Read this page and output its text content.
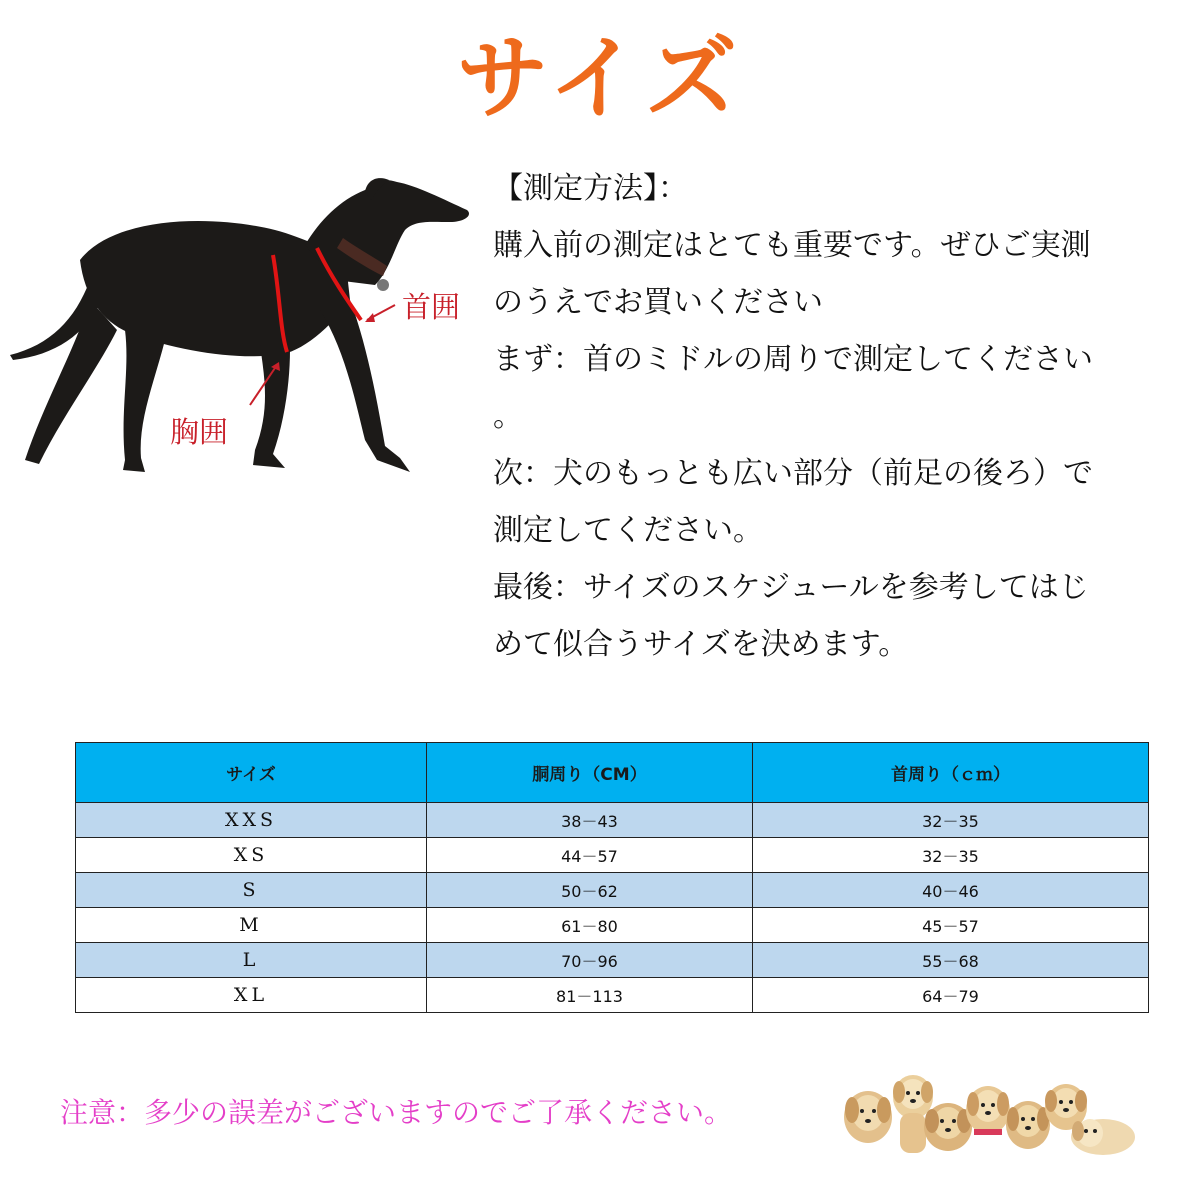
サイズ
首囲
胸囲

【測定方法】：

購入前の測定はとても重要です。ぜひご実測

のうえでお買いください

まず：首のミドルの周りで測定してください

。

次：犬のもっとも広い部分（前足の後ろ）で

測定してください。

最後：サイズのスケジュールを参考してはじ

めて似合うサイズを決めます。

サイズ	胴周り（CM）	首周り（ｃｍ）
XXS	38－43	32－35
XS	44－57	32－35
S	50－62	40－46
M	61－80	45－57
L	70－96	55－68
XL	81－113	64－79
注意：多少の誤差がございますのでご了承ください。
